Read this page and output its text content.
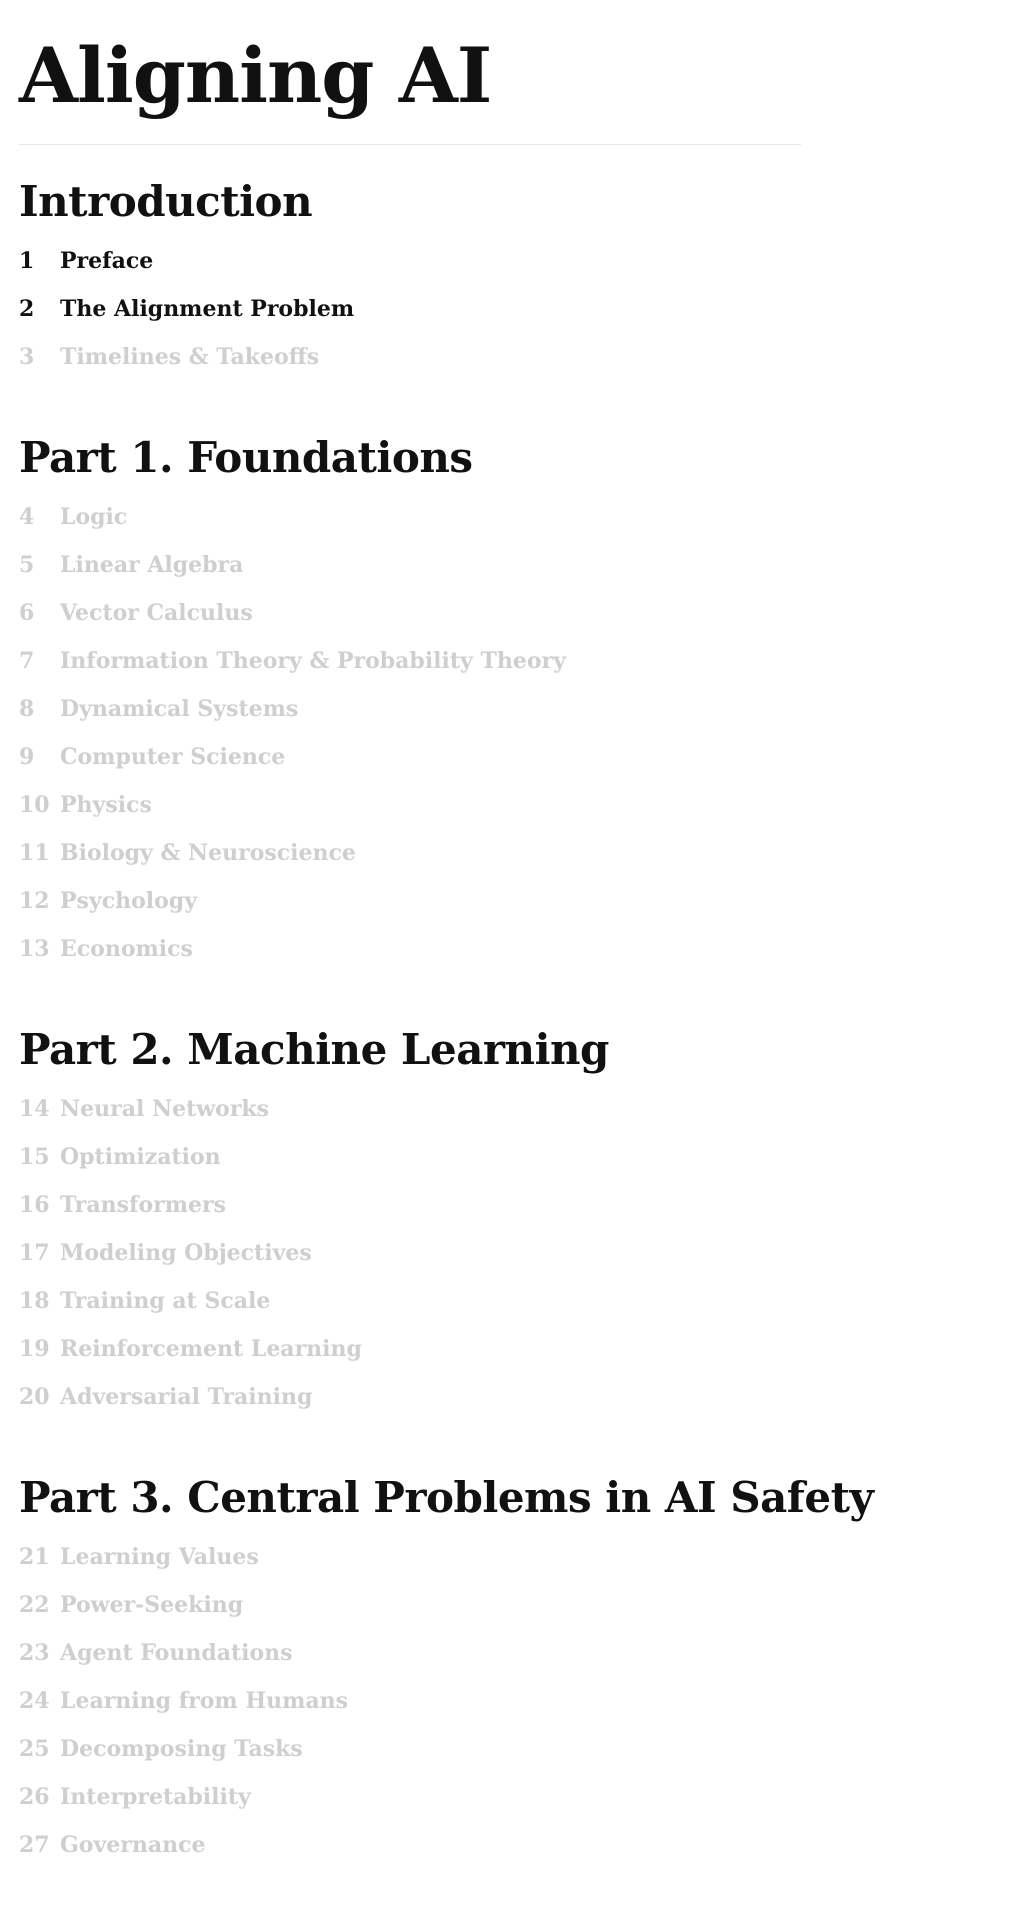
Aligning AI
Introduction
1	Preface
2	The Alignment Problem
3	Timelines & Takeoffs
Part 1. Foundations
4	Logic
5	Linear Algebra
6	Vector Calculus
7	Information Theory & Probability Theory
8	Dynamical Systems
9	Computer Science
10 Physics
11 Biology & Neuroscience
12 Psychology
13 Economics
Part 2. Machine Learning
14 Neural Networks
15 Optimization
16 Transformers
17 Modeling Objectives
18 Training at Scale
19 Reinforcement Learning
20 Adversarial Training
Part 3. Central Problems in AI Safety
21 Learning Values
22 Power-Seeking
23 Agent Foundations
24 Learning from Humans
25 Decomposing Tasks
26 Interpretability
27 Governance
